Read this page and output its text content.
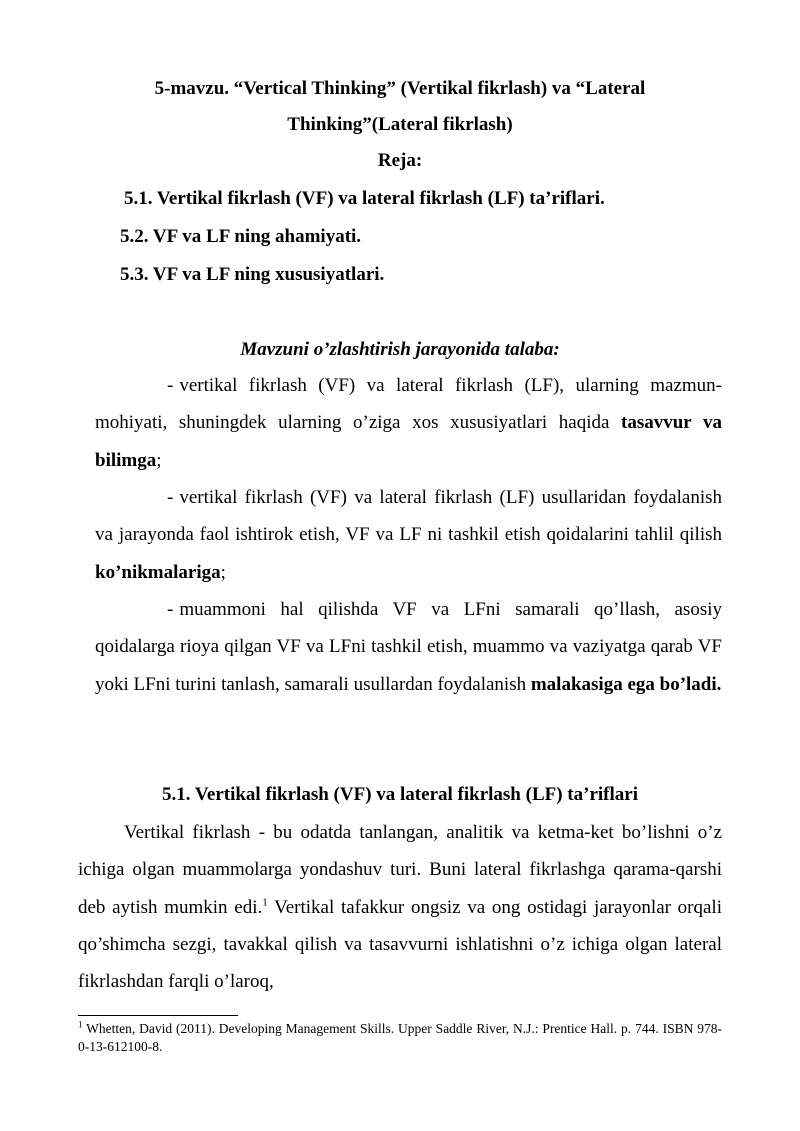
5-mavzu. “Vertical Thinking” (Vertikal fikrlash) va “Lateral
Thinking”(Lateral fikrlash)
Reja:
5.1. Vertikal fikrlash (VF) va lateral fikrlash (LF) ta’riflari.
5.2. VF va LF ning ahamiyati.
5.3. VF va LF ning xususiyatlari.
Mavzuni o’zlashtirish jarayonida talaba:

- vertikal fikrlash (VF) va lateral fikrlash (LF), ularning mazmun-mohiyati, shuningdek ularning o’ziga xos xususiyatlari haqida tasavvur va bilimga;

- vertikal fikrlash (VF) va lateral fikrlash (LF) usullaridan foydalanish va jarayonda faol ishtirok etish, VF va LF ni tashkil etish qoidalarini tahlil qilish ko’nikmalariga;

- muammoni hal qilishda VF va LFni samarali qo’llash, asosiy qoidalarga rioya qilgan VF va LFni tashkil etish, muammo va vaziyatga qarab VF yoki LFni turini tanlash, samarali usullardan foydalanish malakasiga ega bo’ladi.

5.1. Vertikal fikrlash (VF) va lateral fikrlash (LF) ta’riflari

Vertikal fikrlash - bu odatda tanlangan, analitik va ketma-ket bo’lishni o’z ichiga olgan muammolarga yondashuv turi. Buni lateral fikrlashga qarama-qarshi deb aytish mumkin edi.$^1$ Vertikal tafakkur ongsiz va ong ostidagi jarayonlar orqali qo’shimcha sezgi, tavakkal qilish va tasavvurni ishlatishni o’z ichiga olgan lateral fikrlashdan farqli o’laroq,

$^1$ Whetten, David (2011). Developing Management Skills. Upper Saddle River, N.J.: Prentice Hall. p. 744. ISBN 978-0-13-612100-8.
